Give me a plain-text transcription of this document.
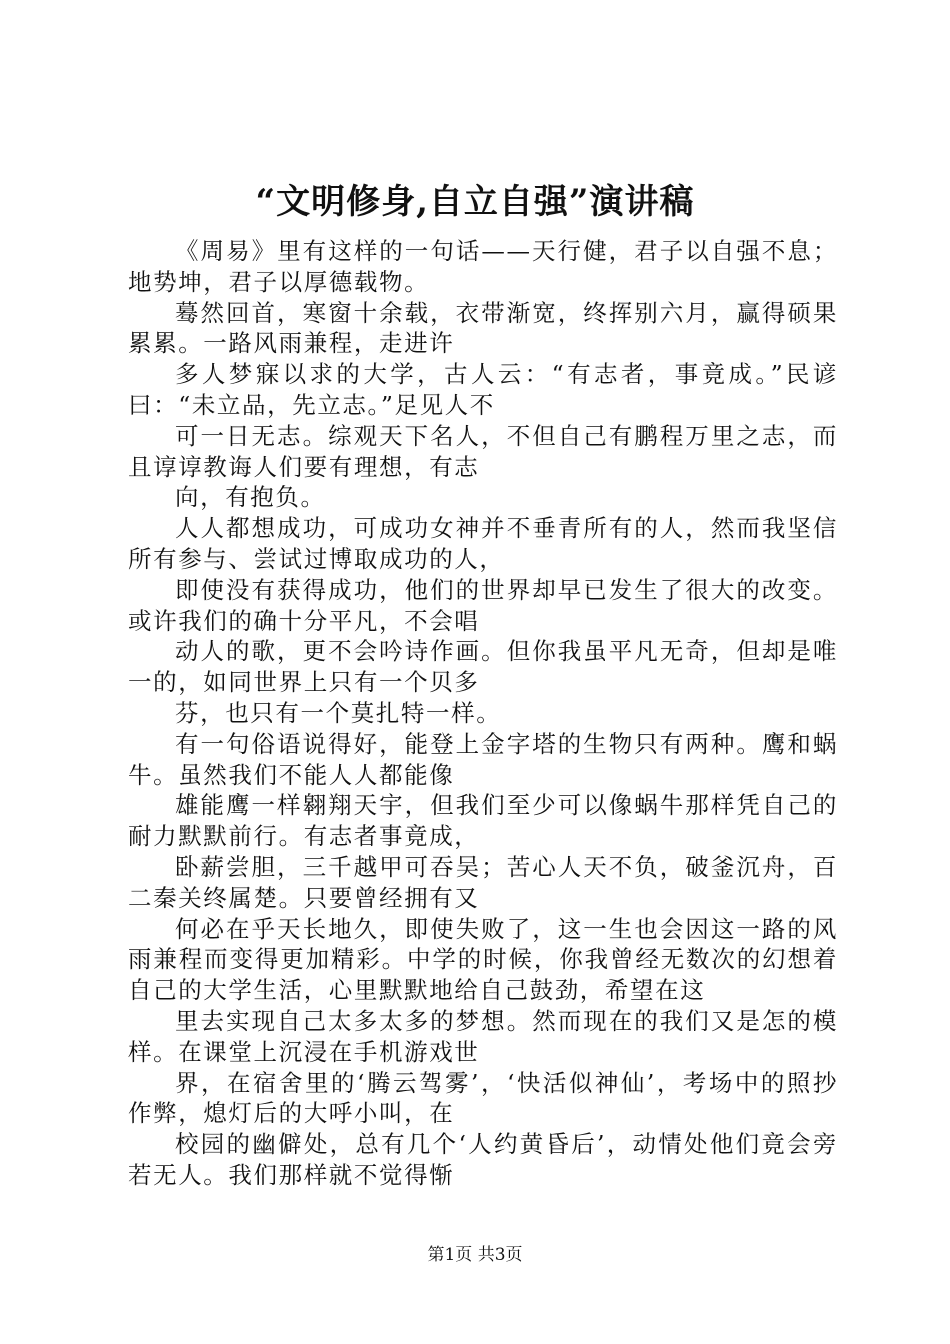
“文明修身,自立自强”演讲稿

《周易》里有这样的一句话——天行健，君子以自强不息；地势坤，君子以厚德载物。

蓦然回首，寒窗十余载，衣带渐宽，终挥别六月，赢得硕果累累。一路风雨兼程，走进许

多人梦寐以求的大学，古人云：“有志者，事竟成。”民谚曰：“未立品，先立志。”足见人不

可一日无志。综观天下名人，不但自己有鹏程万里之志，而且谆谆教诲人们要有理想，有志

向，有抱负。

人人都想成功，可成功女神并不垂青所有的人，然而我坚信所有参与、尝试过博取成功的人，

即使没有获得成功，他们的世界却早已发生了很大的改变。或许我们的确十分平凡，不会唱

动人的歌，更不会吟诗作画。但你我虽平凡无奇，但却是唯一的，如同世界上只有一个贝多

芬，也只有一个莫扎特一样。

有一句俗语说得好，能登上金字塔的生物只有两种。鹰和蜗牛。虽然我们不能人人都能像

雄能鹰一样翱翔天宇，但我们至少可以像蜗牛那样凭自己的耐力默默前行。有志者事竟成，

卧薪尝胆，三千越甲可吞吴；苦心人天不负，破釜沉舟，百二秦关终属楚。只要曾经拥有又

何必在乎天长地久，即使失败了，这一生也会因这一路的风雨兼程而变得更加精彩。中学的时候，你我曾经无数次的幻想着自己的大学生活，心里默默地给自己鼓劲，希望在这

里去实现自己太多太多的梦想。然而现在的我们又是怎的模样。在课堂上沉浸在手机游戏世

界，在宿舍里的‘腾云驾雾’，‘快活似神仙’，考场中的照抄作弊，熄灯后的大呼小叫，在

校园的幽僻处，总有几个‘人约黄昏后’，动情处他们竟会旁若无人。我们那样就不觉得惭

第1页 共3页
